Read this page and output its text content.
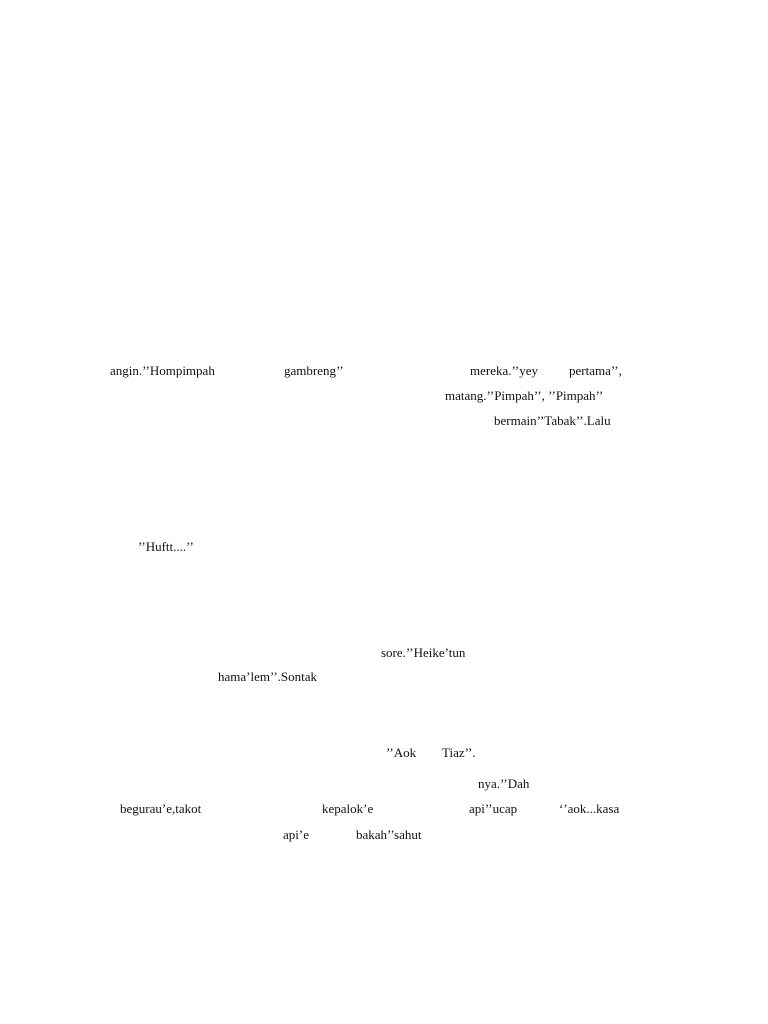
angin.’’Hompimpah	gambreng’’	mereka.’’yey pertama’’,
matang.’’Pimpah’’, ’’Pimpah’’
bermain’’Tabak’’.Lalu
’’Huftt....’’
sore.’’Heike’tun
hama’lem’’.Sontak
’’Aok Tiaz’’.
nya.’’Dah
begurau’e,takot	kepalok’e	api’’ucap	‘’aok...kasa
api’e	bakah’’sahut
